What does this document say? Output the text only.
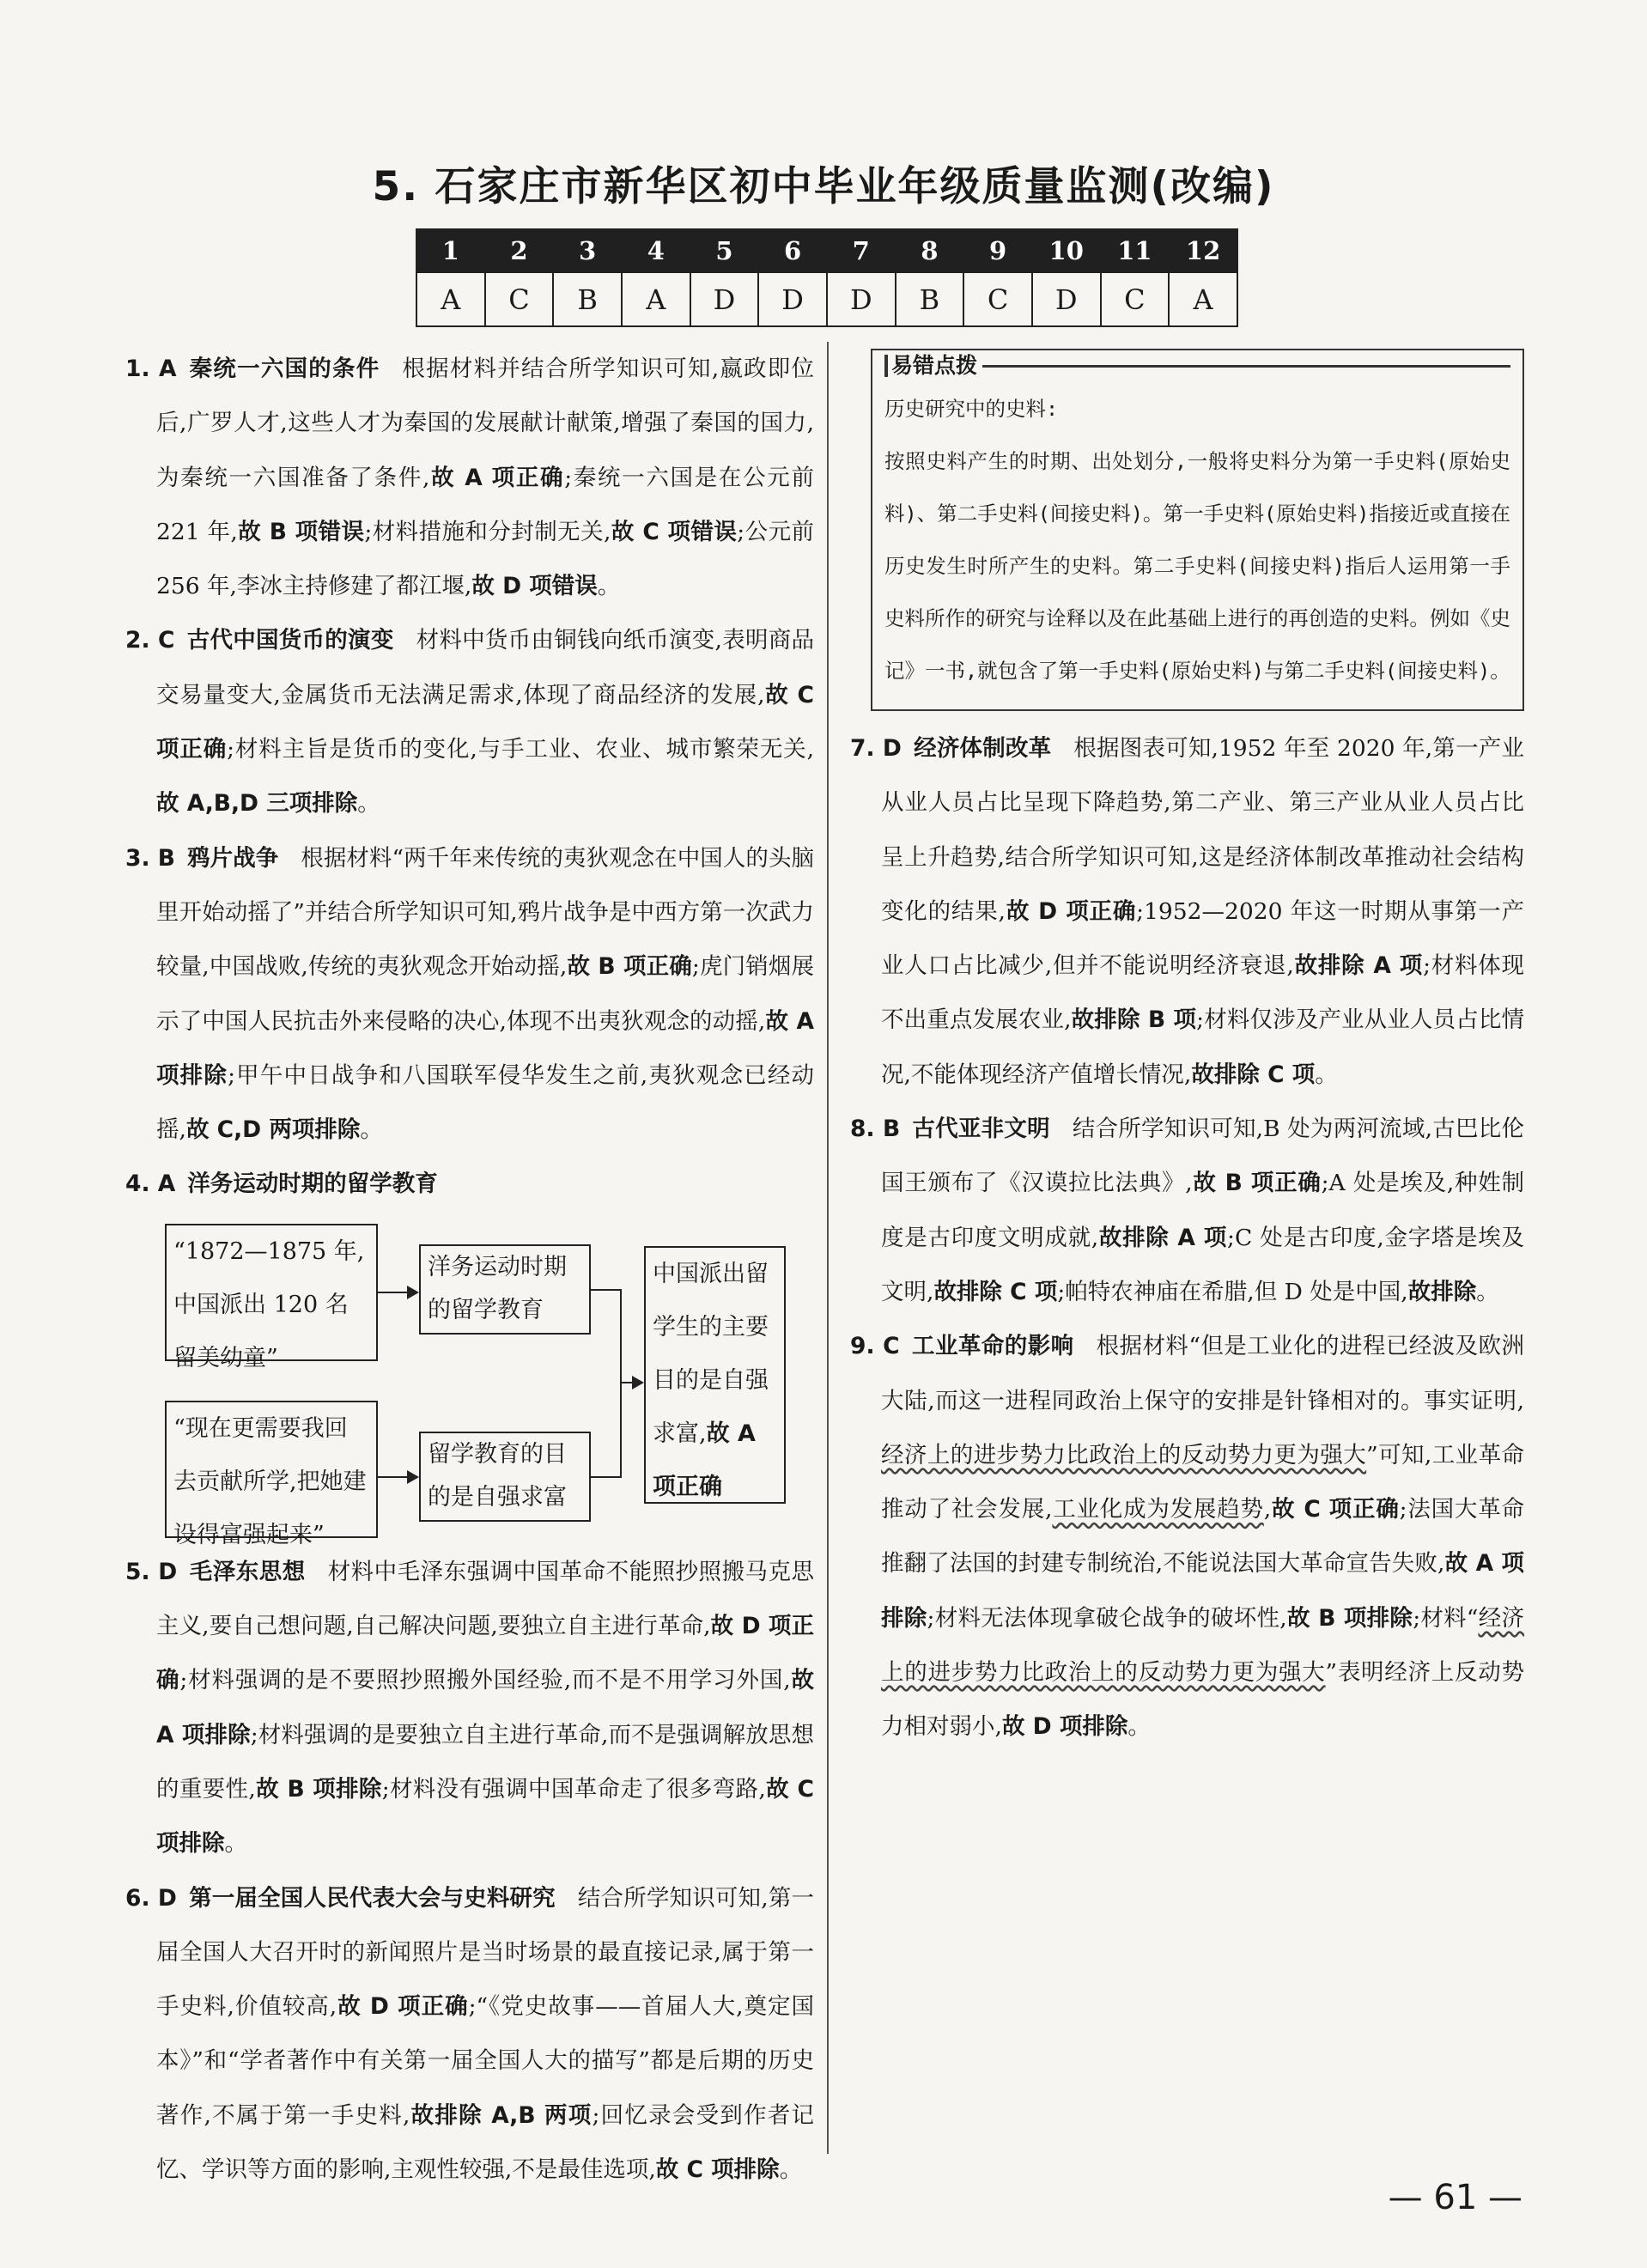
5. 石家庄市新华区初中毕业年级质量监测(改编)
1	2	3	4	5	6	7	8	9	10	11	12
A	C	B	A	D	D	D	B	C	D	C	A

1. A 秦统一六国的条件 根据材料并结合所学知识可知,嬴政即位后,广罗人才,这些人才为秦国的发展献计献策,增强了秦国的国力,为秦统一六国准备了条件,故 A 项正确;秦统一六国是在公元前 221 年,故 B 项错误;材料措施和分封制无关,故 C 项错误;公元前 256 年,李冰主持修建了都江堰,故 D 项错误。

2. C 古代中国货币的演变 材料中货币由铜钱向纸币演变,表明商品交易量变大,金属货币无法满足需求,体现了商品经济的发展,故 C 项正确;材料主旨是货币的变化,与手工业、农业、城市繁荣无关,故 A,B,D 三项排除。

3. B 鸦片战争 根据材料“两千年来传统的夷狄观念在中国人的头脑里开始动摇了”并结合所学知识可知,鸦片战争是中西方第一次武力较量,中国战败,传统的夷狄观念开始动摇,故 B 项正确;虎门销烟展示了中国人民抗击外来侵略的决心,体现不出夷狄观念的动摇,故 A 项排除;甲午中日战争和八国联军侵华发生之前,夷狄观念已经动摇,故 C,D 两项排除。

4. A 洋务运动时期的留学教育

“1872—1875 年,中国派出 120 名留美幼童”
“现在更需要我回去贡献所学,把她建设得富强起来”
洋务运动时期的留学教育
留学教育的目的是自强求富
中国派出留学生的主要目的是自强求富,故 A 项正确

5. D 毛泽东思想 材料中毛泽东强调中国革命不能照抄照搬马克思主义,要自己想问题,自己解决问题,要独立自主进行革命,故 D 项正确;材料强调的是不要照抄照搬外国经验,而不是不用学习外国,故 A 项排除;材料强调的是要独立自主进行革命,而不是强调解放思想的重要性,故 B 项排除;材料没有强调中国革命走了很多弯路,故 C 项排除。

6. D 第一届全国人民代表大会与史料研究 结合所学知识可知,第一届全国人大召开时的新闻照片是当时场景的最直接记录,属于第一手史料,价值较高,故 D 项正确;“《党史故事——首届人大,奠定国本》”和“学者著作中有关第一届全国人大的描写”都是后期的历史著作,不属于第一手史料,故排除 A,B 两项;回忆录会受到作者记忆、学识等方面的影响,主观性较强,不是最佳选项,故 C 项排除。

易错点拨

历史研究中的史料:

按照史料产生的时期、出处划分,一般将史料分为第一手史料(原始史料)、第二手史料(间接史料)。第一手史料(原始史料)指接近或直接在历史发生时所产生的史料。第二手史料(间接史料)指后人运用第一手史料所作的研究与诠释以及在此基础上进行的再创造的史料。例如《史记》一书,就包含了第一手史料(原始史料)与第二手史料(间接史料)。

7. D 经济体制改革 根据图表可知,1952 年至 2020 年,第一产业从业人员占比呈现下降趋势,第二产业、第三产业从业人员占比呈上升趋势,结合所学知识可知,这是经济体制改革推动社会结构变化的结果,故 D 项正确;1952—2020 年这一时期从事第一产业人口占比减少,但并不能说明经济衰退,故排除 A 项;材料体现不出重点发展农业,故排除 B 项;材料仅涉及产业从业人员占比情况,不能体现经济产值增长情况,故排除 C 项。

8. B 古代亚非文明 结合所学知识可知,B 处为两河流域,古巴比伦国王颁布了《汉谟拉比法典》,故 B 项正确;A 处是埃及,种姓制度是古印度文明成就,故排除 A 项;C 处是古印度,金字塔是埃及文明,故排除 C 项;帕特农神庙在希腊,但 D 处是中国,故排除。

9. C 工业革命的影响 根据材料“但是工业化的进程已经波及欧洲大陆,而这一进程同政治上保守的安排是针锋相对的。事实证明,经济上的进步势力比政治上的反动势力更为强大”可知,工业革命推动了社会发展,工业化成为发展趋势,故 C 项正确;法国大革命推翻了法国的封建专制统治,不能说法国大革命宣告失败,故 A 项排除;材料无法体现拿破仑战争的破坏性,故 B 项排除;材料“经济上的进步势力比政治上的反动势力更为强大”表明经济上反动势力相对弱小,故 D 项排除。

— 61 —
